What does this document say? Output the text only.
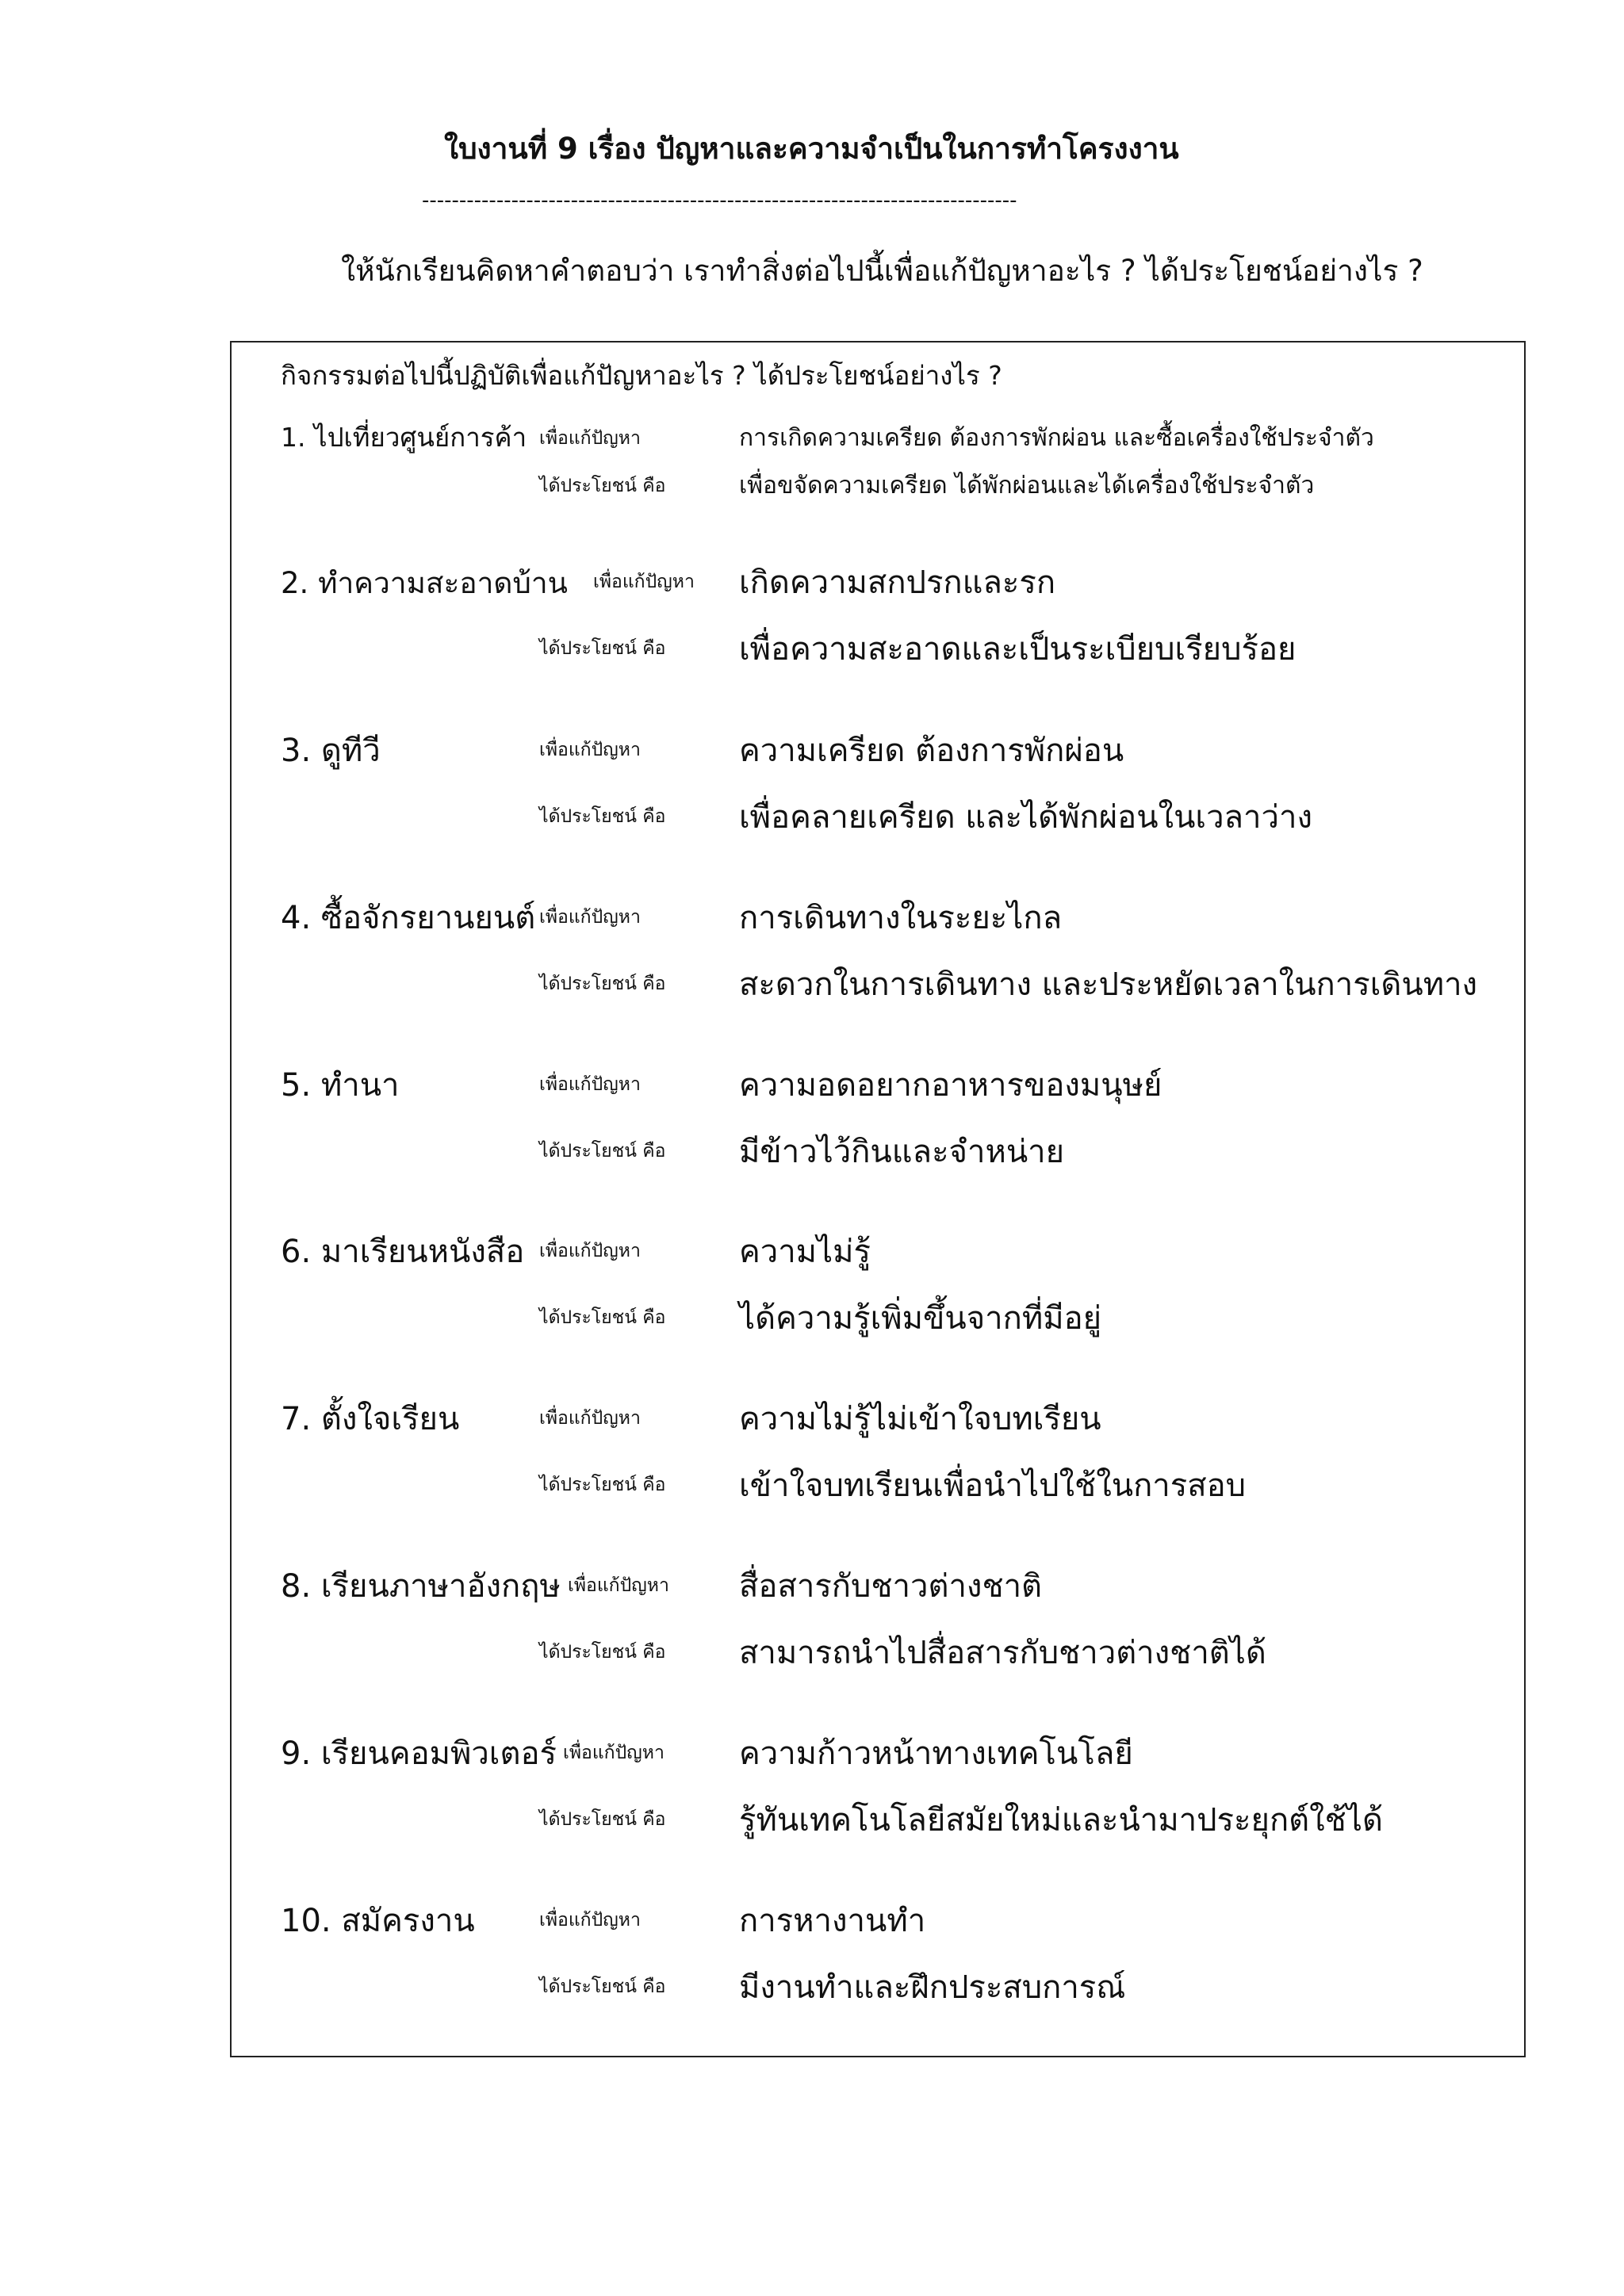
ใบงานที่ 9 เรื่อง ปัญหาและความจำเป็นในการทำโครงงาน
--------------------------------------------------------------------------------
ให้นักเรียนคิดหาคำตอบว่า เราทำสิ่งต่อไปนี้เพื่อแก้ปัญหาอะไร ? ได้ประโยชน์อย่างไร ?
กิจกรรมต่อไปนี้ปฏิบัติเพื่อแก้ปัญหาอะไร ? ได้ประโยชน์อย่างไร ?
1. ไปเที่ยวศูนย์การค้า เพื่อแก้ปัญหา	การเกิดความเครียด ต้องการพักผ่อน และซื้อเครื่องใช้ประจำตัว
ได้ประโยชน์ คือ	เพื่อขจัดความเครียด ได้พักผ่อนและได้เครื่องใช้ประจำตัว
2. ทำความสะอาดบ้าน เพื่อแก้ปัญหา เกิดความสกปรกและรก
ได้ประโยชน์ คือ เพื่อความสะอาดและเป็นระเบียบเรียบร้อย
3. ดูทีวี	เพื่อแก้ปัญหา	ความเครียด ต้องการพักผ่อน
ได้ประโยชน์ คือ เพื่อคลายเครียด และได้พักผ่อนในเวลาว่าง
4. ซื้อจักรยานยนต์ เพื่อแก้ปัญหา	การเดินทางในระยะไกล
ได้ประโยชน์ คือ สะดวกในการเดินทาง และประหยัดเวลาในการเดินทาง
5. ทำนา	เพื่อแก้ปัญหา	ความอดอยากอาหารของมนุษย์
ได้ประโยชน์ คือ มีข้าวไว้กินและจำหน่าย
6. มาเรียนหนังสือ เพื่อแก้ปัญหา	ความไม่รู้
ได้ประโยชน์ คือ ได้ความรู้เพิ่มขึ้นจากที่มีอยู่
7. ตั้งใจเรียน	เพื่อแก้ปัญหา	ความไม่รู้ไม่เข้าใจบทเรียน
ได้ประโยชน์ คือ เข้าใจบทเรียนเพื่อนำไปใช้ในการสอบ
8. เรียนภาษาอังกฤษ เพื่อแก้ปัญหา สื่อสารกับชาวต่างชาติ
ได้ประโยชน์ คือ สามารถนำไปสื่อสารกับชาวต่างชาติได้
9. เรียนคอมพิวเตอร์ เพื่อแก้ปัญหา ความก้าวหน้าทางเทคโนโลยี
ได้ประโยชน์ คือ รู้ทันเทคโนโลยีสมัยใหม่และนำมาประยุกต์ใช้ได้
10. สมัครงาน	เพื่อแก้ปัญหา	การหางานทำ
ได้ประโยชน์ คือ มีงานทำและฝึกประสบการณ์
